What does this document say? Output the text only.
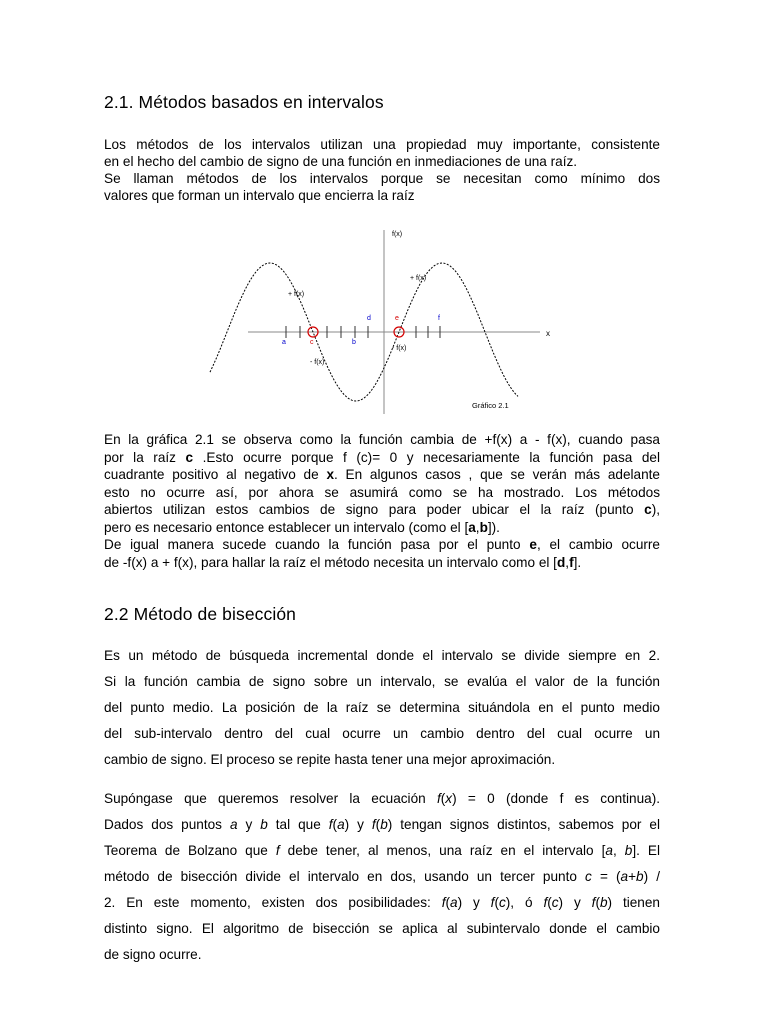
2.1. Métodos basados en intervalos

Los métodos de los intervalos utilizan una propiedad muy importante, consistente
en el hecho del cambio de signo de una función en inmediaciones de una raíz.
Se llaman métodos de los intervalos porque se necesitan como mínimo dos
valores que forman un intervalo que encierra la raíz

f(x)
x
+ f(x)
+ f(x)
- f(x)
- f(x)
a	c	b
d	e	f
Gráfico 2.1

En la gráfica 2.1 se observa como la función cambia de +f(x) a - f(x), cuando pasa
por la raíz c .Esto ocurre porque f (c)= 0 y necesariamente la función pasa del
cuadrante positivo al negativo de x. En algunos casos , que se verán más adelante
esto no ocurre así, por ahora se asumirá como se ha mostrado. Los métodos
abiertos utilizan estos cambios de signo para poder ubicar el la raíz (punto c),
pero es necesario entonce establecer un intervalo (como el [a,b]).
De igual manera sucede cuando la función pasa por el punto e, el cambio ocurre
de -f(x) a + f(x), para hallar la raíz el método necesita un intervalo como el [d,f].

2.2 Método de bisección

Es un método de búsqueda incremental donde el intervalo se divide siempre en 2.
Si la función cambia de signo sobre un intervalo, se evalúa el valor de la función
del punto medio. La posición de la raíz se determina situándola en el punto medio
del sub-intervalo dentro del cual ocurre un cambio dentro del cual ocurre un
cambio de signo. El proceso se repite hasta tener una mejor aproximación.

Supóngase que queremos resolver la ecuación f(x) = 0 (donde f es continua).
Dados dos puntos a y b tal que f(a) y f(b) tengan signos distintos, sabemos por el
Teorema de Bolzano que f debe tener, al menos, una raíz en el intervalo [a, b]. El
método de bisección divide el intervalo en dos, usando un tercer punto c = (a+b) /
2. En este momento, existen dos posibilidades: f(a) y f(c), ó f(c) y f(b) tienen
distinto signo. El algoritmo de bisección se aplica al subintervalo donde el cambio
de signo ocurre.
